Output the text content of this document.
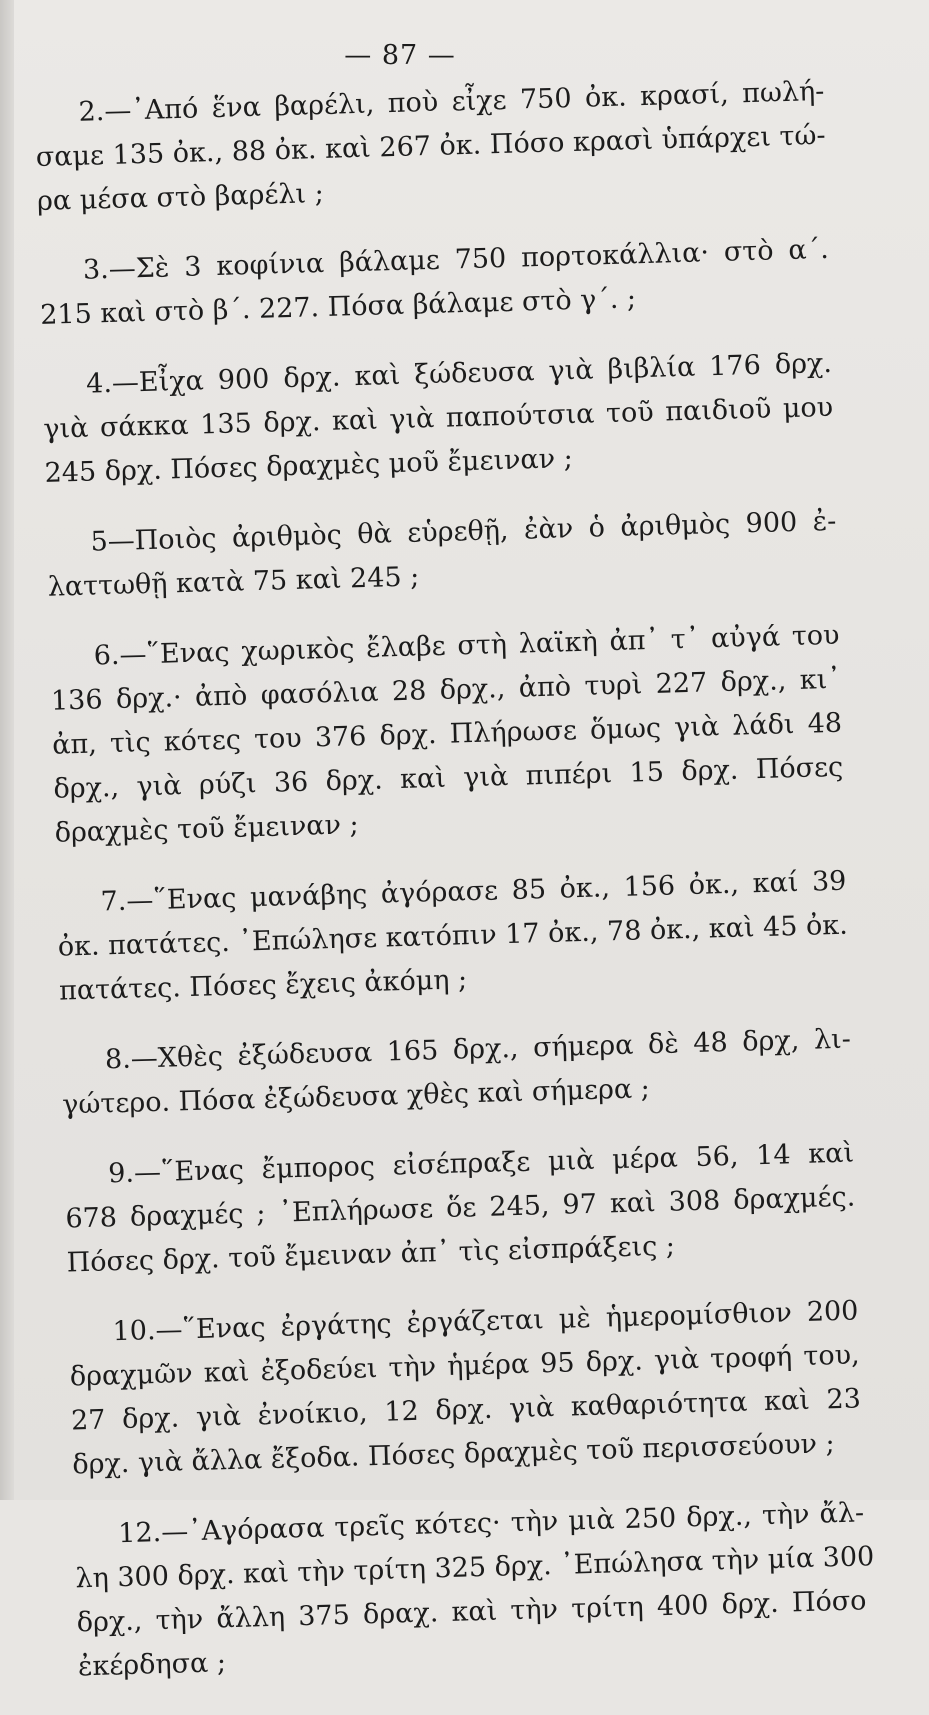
— 87 —
2.—᾿Από ἕνα βαρέλι, ποὺ εἶχε 750 ὀκ. κρασί, πωλή-
σαμε 135 ὀκ., 88 ὀκ. καὶ 267 ὀκ. Πόσο κρασὶ ὑπάρχει τώ-
ρα μέσα στὸ βαρέλι ;
3.—Σὲ 3 κοφίνια βάλαμε 750 πορτοκάλλια· στὸ α΄.
215 καὶ στὸ β΄. 227. Πόσα βάλαμε στὸ γ΄. ;
4.—Εἶχα 900 δρχ. καὶ ξώδευσα γιὰ βιβλία 176 δρχ.
γιὰ σάκκα 135 δρχ. καὶ γιὰ παπούτσια τοῦ παιδιοῦ μου
245 δρχ. Πόσες δραχμὲς μοῦ ἔμειναν ;
5—Ποιὸς ἀριθμὸς θὰ εὑρεθῇ, ἐὰν ὁ ἀριθμὸς 900 ἐ-
λαττωθῇ κατὰ 75 καὶ 245 ;
6.—῞Ενας χωρικὸς ἔλαβε στὴ λαϊκὴ ἀπ᾿ τ᾿ αὐγά του
136 δρχ.· ἀπὸ φασόλια 28 δρχ., ἀπὸ τυρὶ 227 δρχ., κι᾿
ἀπ, τὶς κότες του 376 δρχ. Πλήρωσε ὅμως γιὰ λάδι 48
δρχ., γιὰ ρύζι 36 δρχ. καὶ γιὰ πιπέρι 15 δρχ. Πόσες
δραχμὲς τοῦ ἔμειναν ;
7.—῞Ενας μανάβης ἀγόρασε 85 ὀκ., 156 ὀκ., καί 39
ὀκ. πατάτες. ᾿Επώλησε κατόπιν 17 ὀκ., 78 ὀκ., καὶ 45 ὀκ.
πατάτες. Πόσες ἔχεις ἀκόμη ;
8.—Χθὲς ἐξώδευσα 165 δρχ., σήμερα δὲ 48 δρχ, λι-
γώτερο. Πόσα ἐξώδευσα χθὲς καὶ σήμερα ;
9.—῞Ενας ἔμπορος εἰσέπραξε μιὰ μέρα 56, 14 καὶ
678 δραχμές ; ᾿Επλήρωσε ὅε 245, 97 καὶ 308 δραχμές.
Πόσες δρχ. τοῦ ἔμειναν ἀπ᾿ τὶς εἰσπράξεις ;
10.—῞Ενας ἐργάτης ἐργάζεται μὲ ἡμερομίσθιον 200
δραχμῶν καὶ ἐξοδεύει τὴν ἡμέρα 95 δρχ. γιὰ τροφή του,
27 δρχ. γιὰ ἐνοίκιο, 12 δρχ. γιὰ καθαριότητα καὶ 23
δρχ. γιὰ ἄλλα ἔξοδα. Πόσες δραχμὲς τοῦ περισσεύουν ;
12.—᾿Αγόρασα τρεῖς κότες· τὴν μιὰ 250 δρχ., τὴν ἄλ-
λη 300 δρχ. καὶ τὴν τρίτη 325 δρχ. ᾿Επώλησα τὴν μία 300
δρχ., τὴν ἄλλη 375 δραχ. καὶ τὴν τρίτη 400 δρχ. Πόσο
ἐκέρδησα ;
